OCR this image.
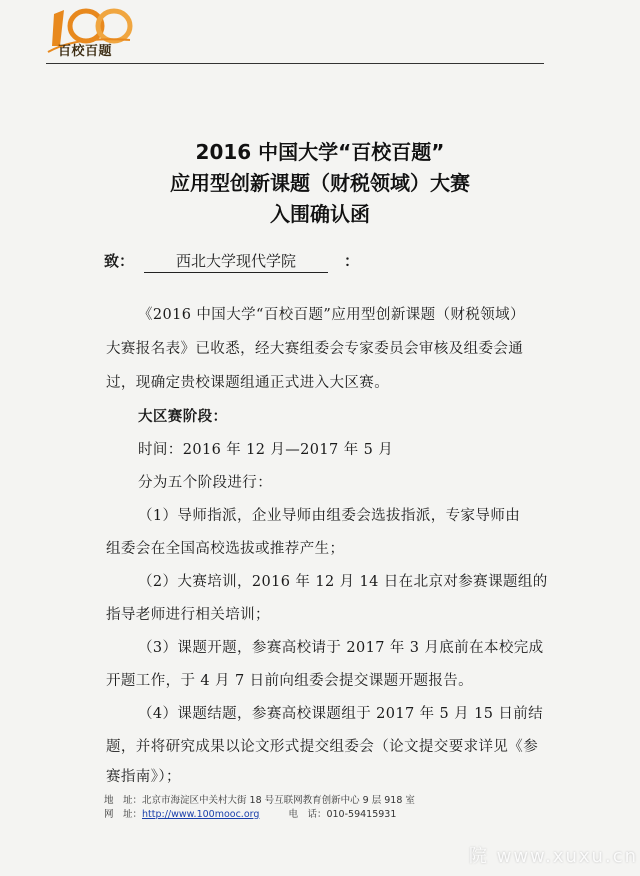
百校百题
2016 中国大学“百校百题”
应用型创新课题（财税领域）大赛
入围确认函
致：	西北大学现代学院	：
《2016 中国大学“百校百题”应用型创新课题（财税领域）
大赛报名表》已收悉，经大赛组委会专家委员会审核及组委会通
过，现确定贵校课题组通正式进入大区赛。
大区赛阶段：
时间：2016 年 12 月—2017 年 5 月
分为五个阶段进行：
（1）导师指派，企业导师由组委会选拔指派，专家导师由
组委会在全国高校选拔或推荐产生；
（2）大赛培训，2016 年 12 月 14 日在北京对参赛课题组的
指导老师进行相关培训；
（3）课题开题，参赛高校请于 2017 年 3 月底前在本校完成
开题工作，于 4 月 7 日前向组委会提交课题开题报告。
（4）课题结题，参赛高校课题组于 2017 年 5 月 15 日前结
题，并将研究成果以论文形式提交组委会（论文提交要求详见《参
赛指南》）；
地　址：北京市海淀区中关村大街 18 号互联网教育创新中心 9 层 918 室
网　址：http://www.100mooc.org	电　话：010-59415931
院 www.xuxu.cn
